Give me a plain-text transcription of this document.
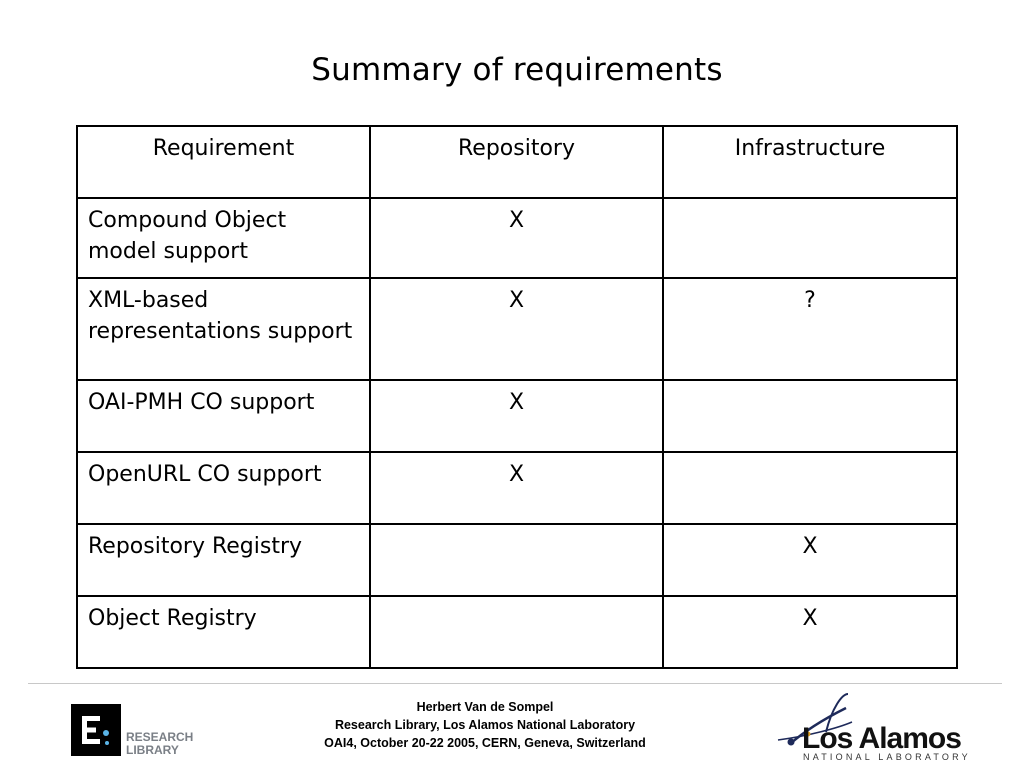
Summary of requirements
Requirement	Repository	Infrastructure
Compound Object model support	X	
XML-based representations support	X	?
OAI-PMH CO support	X	
OpenURL CO support	X	
Repository Registry		X
Object Registry		X
RESEARCH
LIBRARY
Herbert Van de Sompel
Research Library, Los Alamos National Laboratory
OAI4, October 20-22 2005, CERN, Geneva, Switzerland	Los Alamos
NATIONAL LABORATORY
